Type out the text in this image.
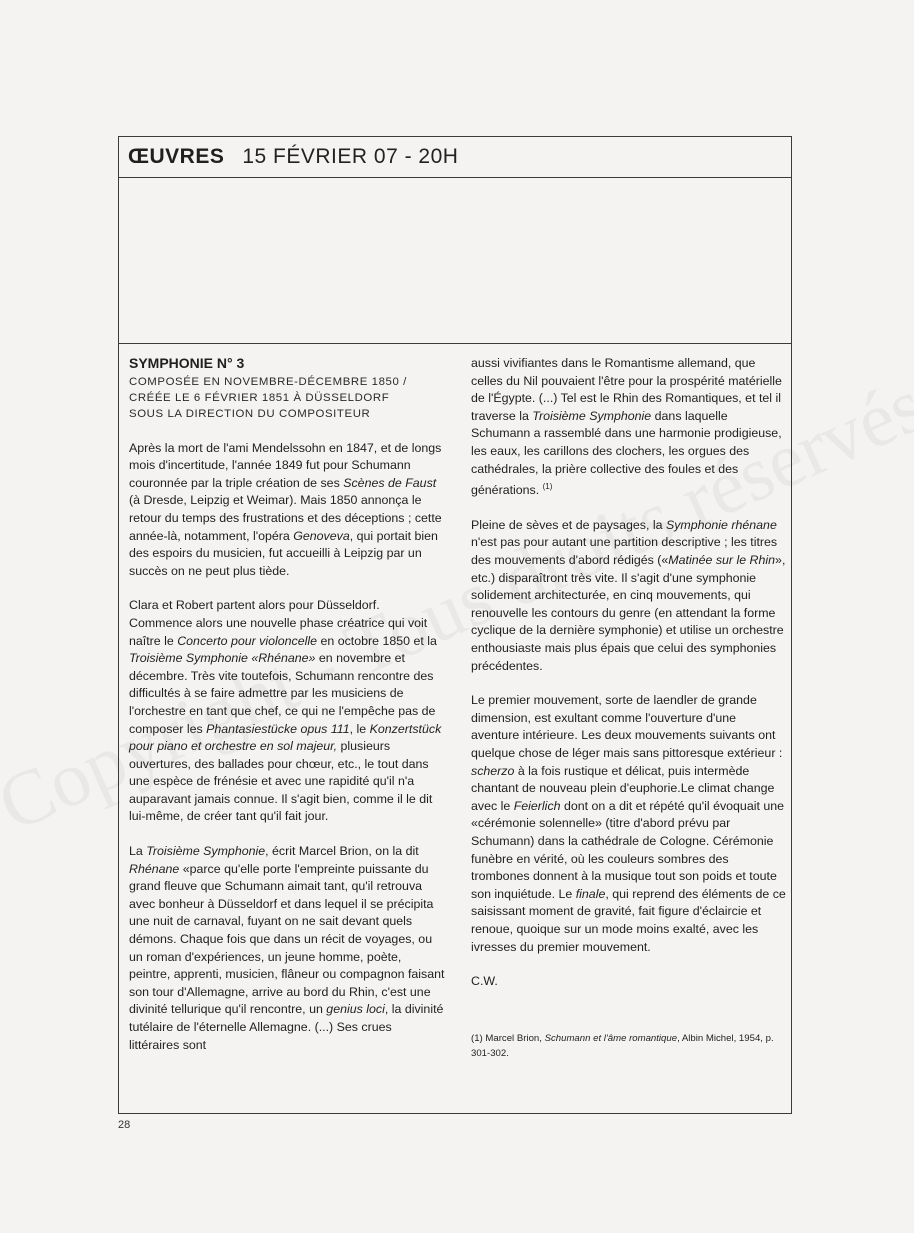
ŒUVRES 15 FÉVRIER 07 - 20H
SYMPHONIE N° 3
COMPOSÉE EN NOVEMBRE-DÉCEMBRE 1850 /
CRÉÉE LE 6 FÉVRIER 1851 À DÜSSELDORF
SOUS LA DIRECTION DU COMPOSITEUR

Après la mort de l'ami Mendelssohn en 1847, et de longs mois d'incertitude, l'année 1849 fut pour Schumann couronnée par la triple création de ses Scènes de Faust (à Dresde, Leipzig et Weimar). Mais 1850 annonça le retour du temps des frustrations et des déceptions ; cette année-là, notamment, l'opéra Genoveva, qui portait bien des espoirs du musicien, fut accueilli à Leipzig par un succès on ne peut plus tiède.

Clara et Robert partent alors pour Düsseldorf. Commence alors une nouvelle phase créatrice qui voit naître le Concerto pour violoncelle en octobre 1850 et la Troisième Symphonie «Rhénane» en novembre et décembre. Très vite toutefois, Schumann rencontre des difficultés à se faire admettre par les musiciens de l'orchestre en tant que chef, ce qui ne l'empêche pas de composer les Phantasiestücke opus 111, le Konzertstück pour piano et orchestre en sol majeur, plusieurs ouvertures, des ballades pour chœur, etc., le tout dans une espèce de frénésie et avec une rapidité qu'il n'a auparavant jamais connue. Il s'agit bien, comme il le dit lui-même, de créer tant qu'il fait jour.

La Troisième Symphonie, écrit Marcel Brion, on la dit Rhénane «parce qu'elle porte l'empreinte puissante du grand fleuve que Schumann aimait tant, qu'il retrouva avec bonheur à Düsseldorf et dans lequel il se précipita une nuit de carnaval, fuyant on ne sait devant quels démons. Chaque fois que dans un récit de voyages, ou un roman d'expériences, un jeune homme, poète, peintre, apprenti, musicien, flâneur ou compagnon faisant son tour d'Allemagne, arrive au bord du Rhin, c'est une divinité tellurique qu'il rencontre, un genius loci, la divinité tutélaire de l'éternelle Allemagne. (...) Ses crues littéraires sont

aussi vivifiantes dans le Romantisme allemand, que celles du Nil pouvaient l'être pour la prospérité matérielle de l'Égypte. (...) Tel est le Rhin des Romantiques, et tel il traverse la Troisième Symphonie dans laquelle Schumann a rassemblé dans une harmonie prodigieuse, les eaux, les carillons des clochers, les orgues des cathédrales, la prière collective des foules et des générations. $^{(1)}$

Pleine de sèves et de paysages, la Symphonie rhénane n'est pas pour autant une partition descriptive ; les titres des mouvements d'abord rédigés («Matinée sur le Rhin», etc.) disparaîtront très vite. Il s'agit d'une symphonie solidement architecturée, en cinq mouvements, qui renouvelle les contours du genre (en attendant la forme cyclique de la dernière symphonie) et utilise un orchestre enthousiaste mais plus épais que celui des symphonies précédentes.

Le premier mouvement, sorte de laendler de grande dimension, est exultant comme l'ouverture d'une aventure intérieure. Les deux mouvements suivants ont quelque chose de léger mais sans pittoresque extérieur : scherzo à la fois rustique et délicat, puis intermède chantant de nouveau plein d'euphorie.Le climat change avec le Feierlich dont on a dit et répété qu'il évoquait une «cérémonie solennelle» (titre d'abord prévu par Schumann) dans la cathédrale de Cologne. Cérémonie funèbre en vérité, où les couleurs sombres des trombones donnent à la musique tout son poids et toute son inquiétude. Le finale, qui reprend des éléments de ce saisissant moment de gravité, fait figure d'éclaircie et renoue, quoique sur un mode moins exalté, avec les ivresses du premier mouvement.

C.W.
(1) Marcel Brion, Schumann et l'âme romantique, Albin Michel, 1954, p. 301-302.
28
